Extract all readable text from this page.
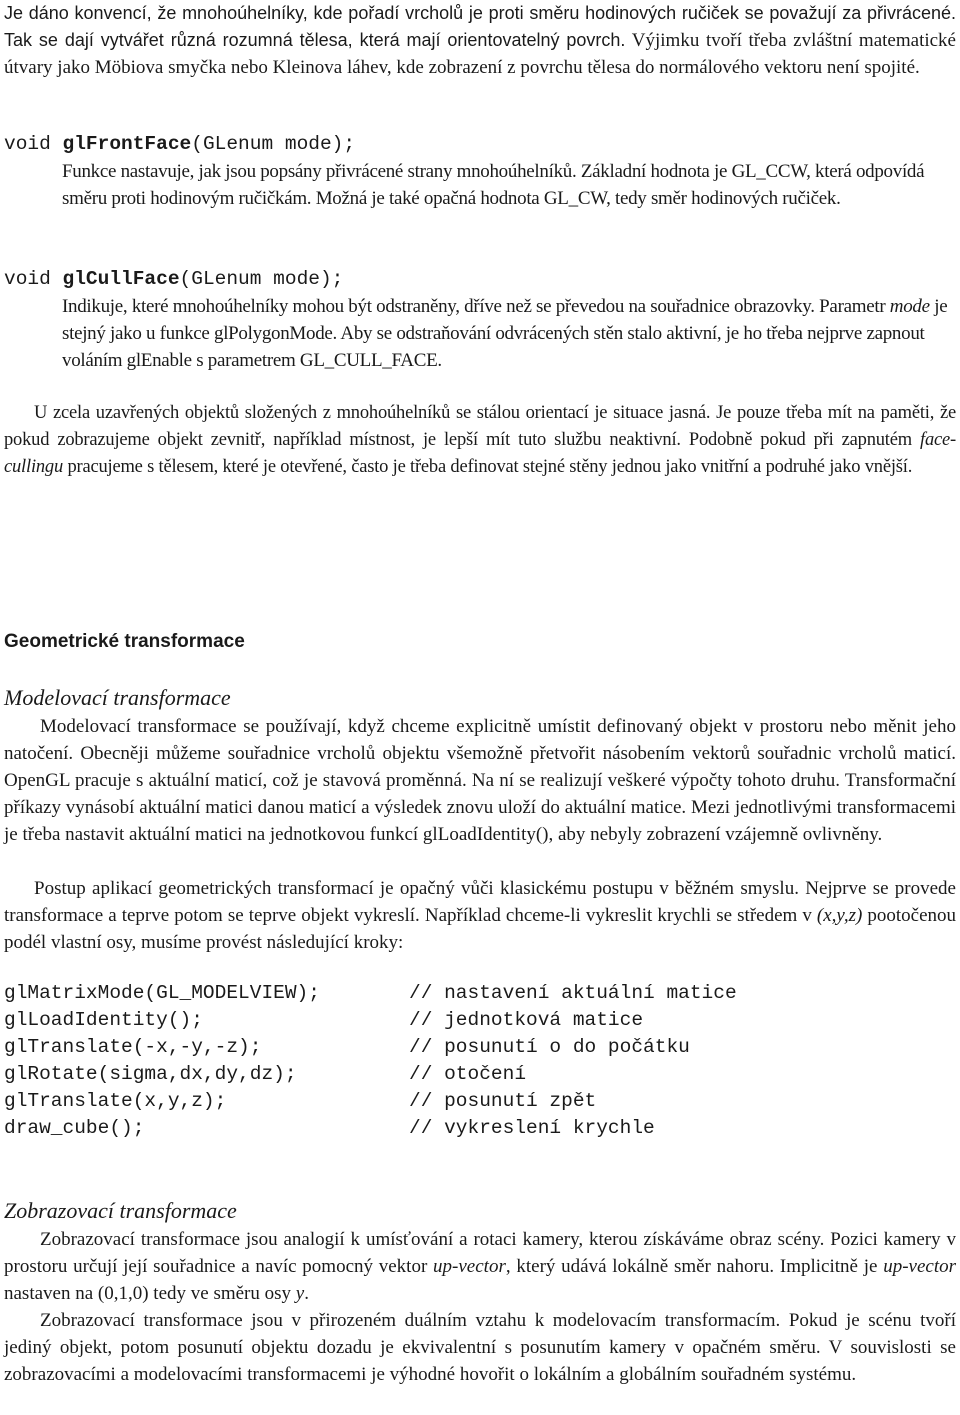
Je dáno konvencí, že mnohoúhelníky, kde pořadí vrcholů je proti směru hodinových ručiček se považují za přivrácené. Tak se dají vytvářet různá rozumná tělesa, která mají orientovatelný povrch. Výjimku tvoří třeba zvláštní matematické útvary jako Möbiova smyčka nebo Kleinova láhev, kde zobrazení z povrchu tělesa do normálového vektoru není spojité.

void glFrontFace(GLenum mode);

Funkce nastavuje, jak jsou popsány přivrácené strany mnohoúhelníků. Základní hodnota je GL_CCW, která odpovídá směru proti hodinovým ručičkám. Možná je také opačná hodnota GL_CW, tedy směr hodinových ručiček.

void glCullFace(GLenum mode);

Indikuje, které mnohoúhelníky mohou být odstraněny, dříve než se převedou na souřadnice obrazovky. Parametr mode je stejný jako u funkce glPolygonMode. Aby se odstraňování odvrácených stěn stalo aktivní, je ho třeba nejprve zapnout voláním glEnable s parametrem GL_CULL_FACE.

U zcela uzavřených objektů složených z mnohoúhelníků se stálou orientací je situace jasná. Je pouze třeba mít na paměti, že pokud zobrazujeme objekt zevnitř, například místnost, je lepší mít tuto službu neaktivní. Podobně pokud při zapnutém face-cullingu pracujeme s tělesem, které je otevřené, často je třeba definovat stejné stěny jednou jako vnitřní a podruhé jako vnější.

Geometrické transformace
Modelovací transformace

Modelovací transformace se používají, když chceme explicitně umístit definovaný objekt v prostoru nebo měnit jeho natočení. Obecněji můžeme souřadnice vrcholů objektu všemožně přetvořit násobením vektorů souřadnic vrcholů maticí. OpenGL pracuje s aktuální maticí, což je stavová proměnná. Na ní se realizují veškeré výpočty tohoto druhu. Transformační příkazy vynásobí aktuální matici danou maticí a výsledek znovu uloží do aktuální matice. Mezi jednotlivými transformacemi je třeba nastavit aktuální matici na jednotkovou funkcí glLoadIdentity(), aby nebyly zobrazení vzájemně ovlivněny.

Postup aplikací geometrických transformací je opačný vůči klasickému postupu v běžném smyslu. Nejprve se provede transformace a teprve potom se teprve objekt vykreslí. Například chceme-li vykreslit krychli se středem v (x,y,z) pootočenou podél vlastní osy, musíme provést následující kroky:

glMatrixMode(GL_MODELVIEW);	// nastavení aktuální matice
glLoadIdentity();	// jednotková matice
glTranslate(-x,-y,-z);	// posunutí o do počátku
glRotate(sigma,dx,dy,dz);	// otočení
glTranslate(x,y,z);	// posunutí zpět
draw_cube();	// vykreslení krychle
Zobrazovací transformace

Zobrazovací transformace jsou analogií k umísťování a rotaci kamery, kterou získáváme obraz scény. Pozici kamery v prostoru určují její souřadnice a navíc pomocný vektor up-vector, který udává lokálně směr nahoru. Implicitně je up-vector nastaven na (0,1,0) tedy ve směru osy y.

Zobrazovací transformace jsou v přirozeném duálním vztahu k modelovacím transformacím. Pokud je scénu tvoří jediný objekt, potom posunutí objektu dozadu je ekvivalentní s posunutím kamery v opačném směru. V souvislosti se zobrazovacími a modelovacími transformacemi je výhodné hovořit o lokálním a globálním souřadném systému.
